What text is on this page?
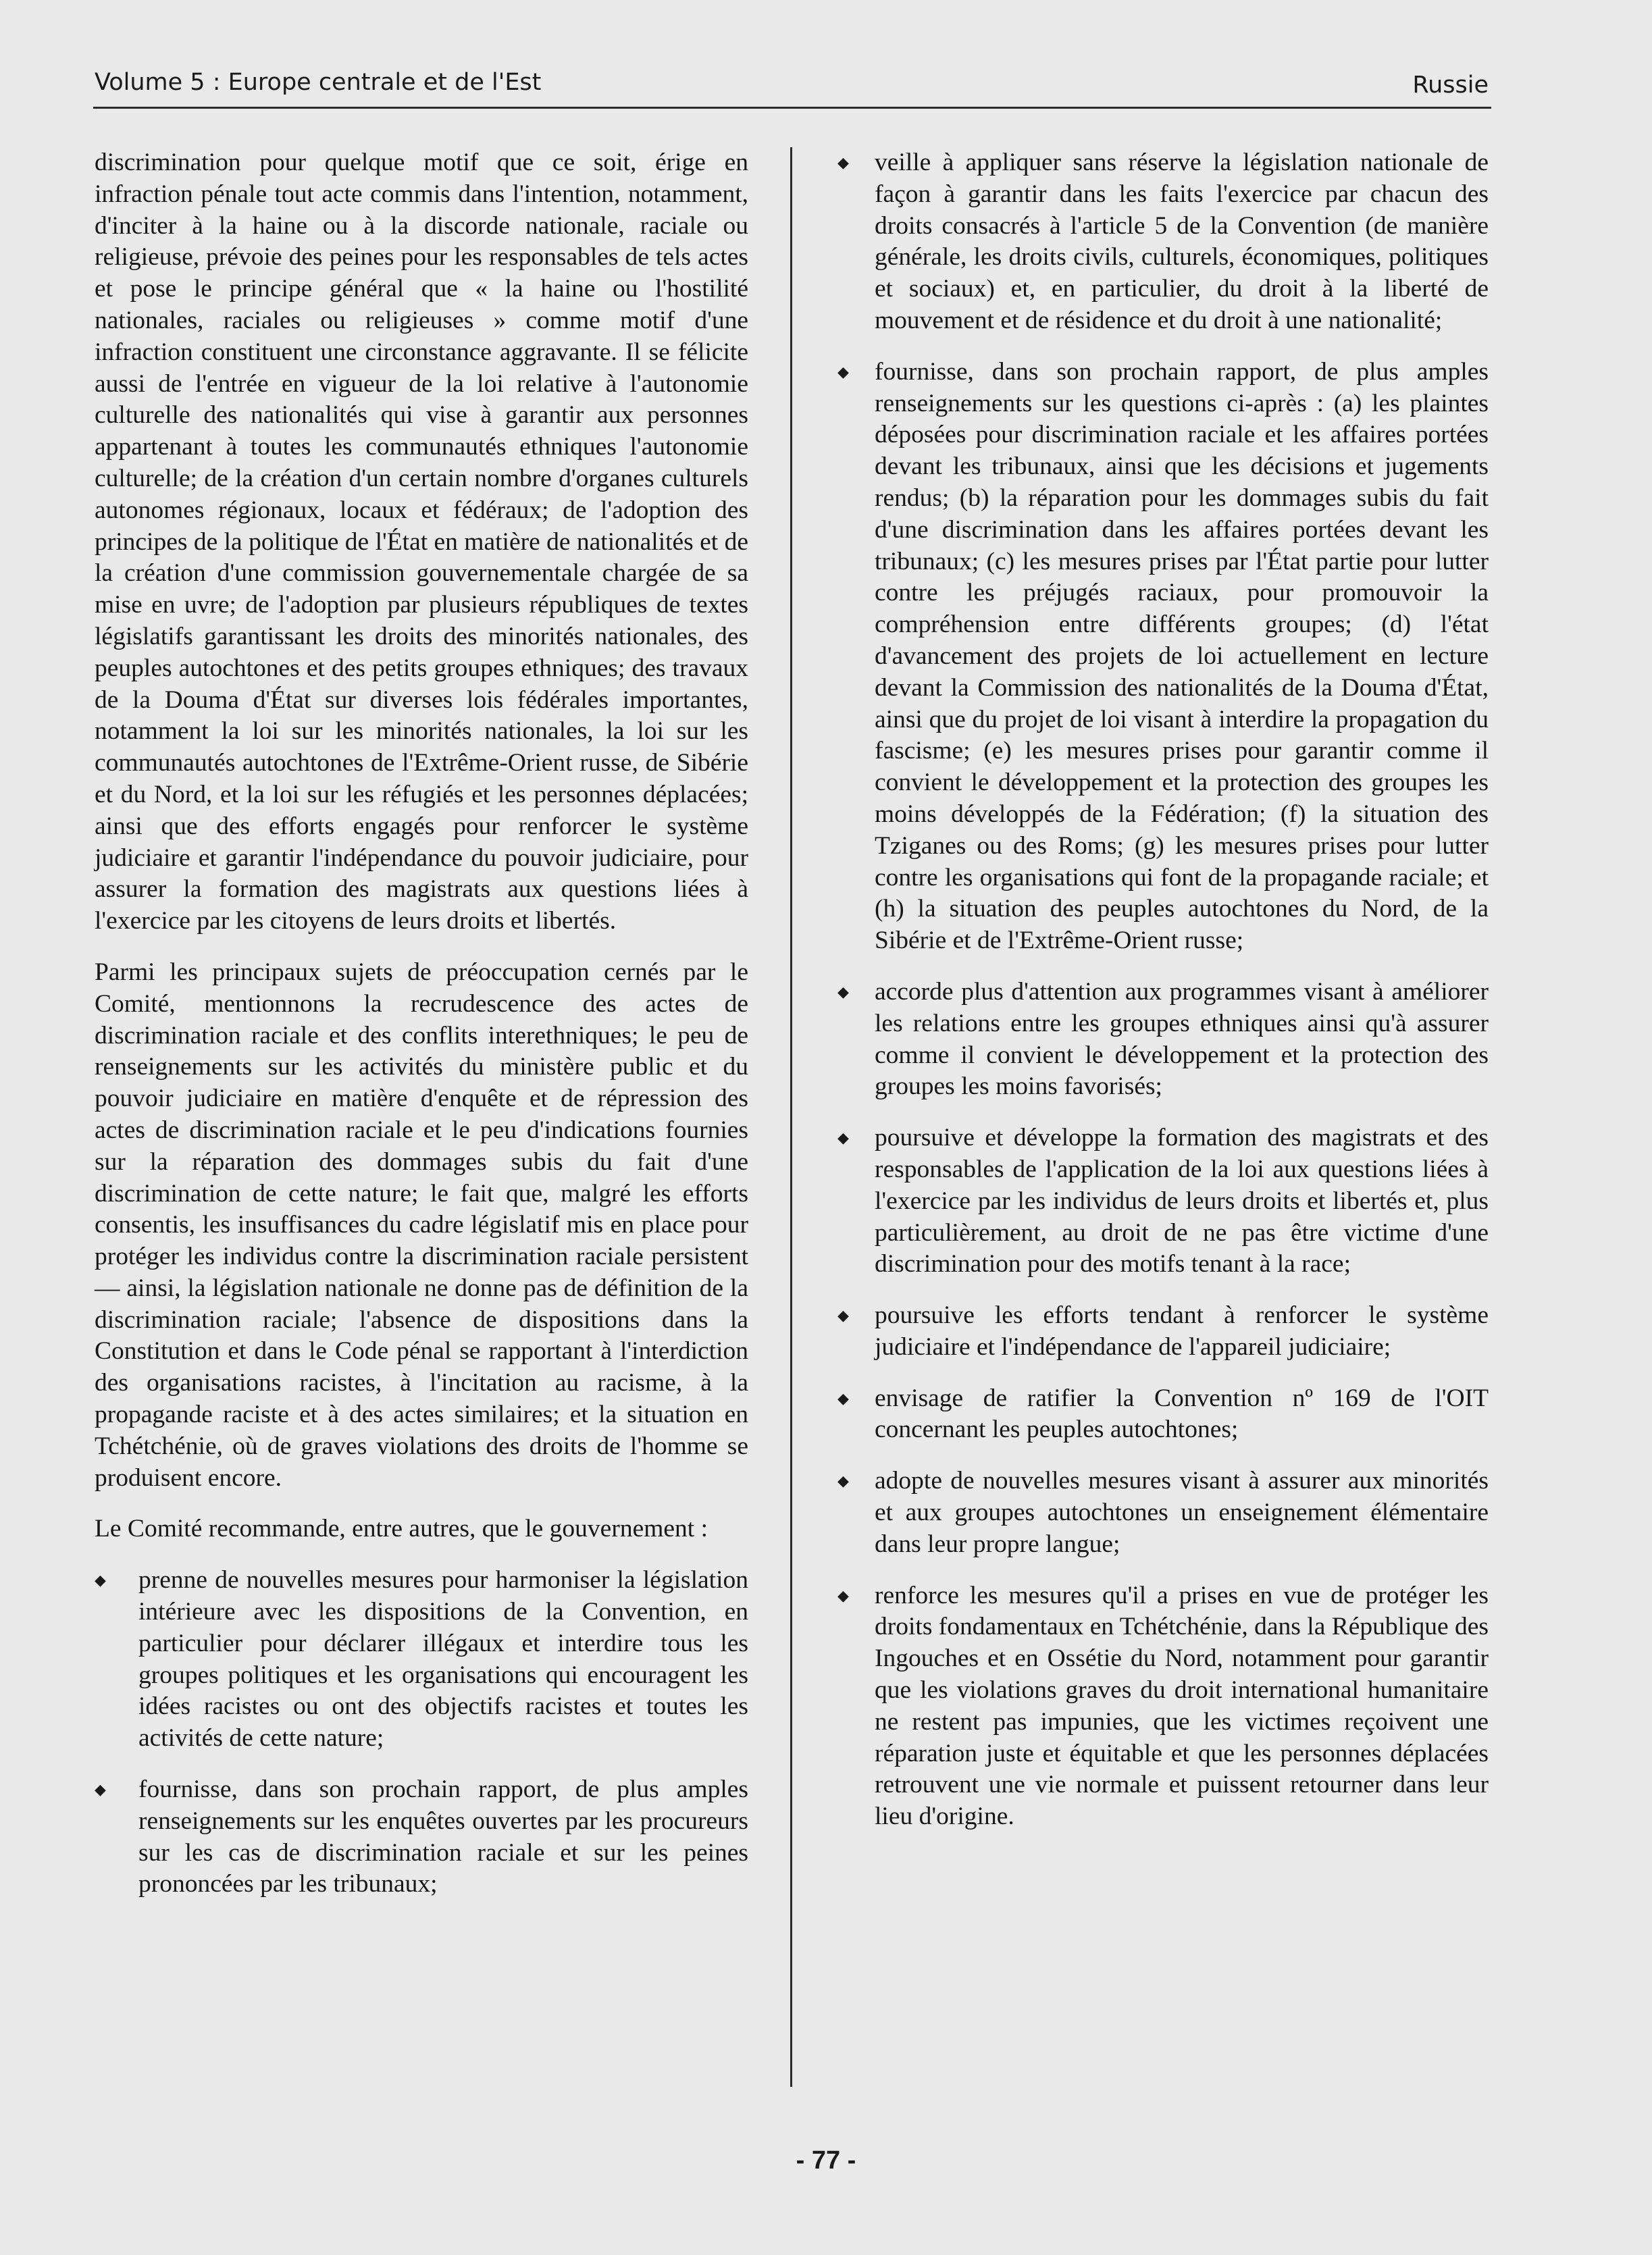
Volume 5 : Europe centrale et de l'Est	Russie

discrimination pour quelque motif que ce soit, érige en infraction pénale tout acte commis dans l'intention, notamment, d'inciter à la haine ou à la discorde nationale, raciale ou religieuse, prévoie des peines pour les responsables de tels actes et pose le principe général que « la haine ou l'hostilité nationales, raciales ou religieuses » comme motif d'une infraction constituent une circonstance aggravante. Il se félicite aussi de l'entrée en vigueur de la loi relative à l'autonomie culturelle des nationalités qui vise à garantir aux personnes appartenant à toutes les communautés ethniques l'autonomie culturelle; de la création d'un certain nombre d'organes culturels autonomes régionaux, locaux et fédéraux; de l'adoption des principes de la politique de l'État en matière de nationalités et de la création d'une commission gouvernementale chargée de sa mise en uvre; de l'adoption par plusieurs républiques de textes législatifs garantissant les droits des minorités nationales, des peuples autochtones et des petits groupes ethniques; des travaux de la Douma d'État sur diverses lois fédérales importantes, notamment la loi sur les minorités nationales, la loi sur les communautés autochtones de l'Extrême-Orient russe, de Sibérie et du Nord, et la loi sur les réfugiés et les personnes déplacées; ainsi que des efforts engagés pour renforcer le système judiciaire et garantir l'indépendance du pouvoir judiciaire, pour assurer la formation des magistrats aux questions liées à l'exercice par les citoyens de leurs droits et libertés.

Parmi les principaux sujets de préoccupation cernés par le Comité, mentionnons la recrudescence des actes de discrimination raciale et des conflits interethniques; le peu de renseignements sur les activités du ministère public et du pouvoir judiciaire en matière d'enquête et de répression des actes de discrimination raciale et le peu d'indications fournies sur la réparation des dommages subis du fait d'une discrimination de cette nature; le fait que, malgré les efforts consentis, les insuffisances du cadre législatif mis en place pour protéger les individus contre la discrimination raciale persistent — ainsi, la législation nationale ne donne pas de définition de la discrimination raciale; l'absence de dispositions dans la Constitution et dans le Code pénal se rapportant à l'interdiction des organisations racistes, à l'incitation au racisme, à la propagande raciste et à des actes similaires; et la situation en Tchétchénie, où de graves violations des droits de l'homme se produisent encore.

Le Comité recommande, entre autres, que le gouvernement :

◆ prenne de nouvelles mesures pour harmoniser la législation intérieure avec les dispositions de la Convention, en particulier pour déclarer illégaux et interdire tous les groupes politiques et les organisations qui encouragent les idées racistes ou ont des objectifs racistes et toutes les activités de cette nature;
◆ fournisse, dans son prochain rapport, de plus amples renseignements sur les enquêtes ouvertes par les procureurs sur les cas de discrimination raciale et sur les peines prononcées par les tribunaux;
◆ veille à appliquer sans réserve la législation nationale de façon à garantir dans les faits l'exercice par chacun des droits consacrés à l'article 5 de la Convention (de manière générale, les droits civils, culturels, économiques, politiques et sociaux) et, en particulier, du droit à la liberté de mouvement et de résidence et du droit à une nationalité;
◆ fournisse, dans son prochain rapport, de plus amples renseignements sur les questions ci-après : (a) les plaintes déposées pour discrimination raciale et les affaires portées devant les tribunaux, ainsi que les décisions et jugements rendus; (b) la réparation pour les dommages subis du fait d'une discrimination dans les affaires portées devant les tribunaux; (c) les mesures prises par l'État partie pour lutter contre les préjugés raciaux, pour promouvoir la compréhension entre différents groupes; (d) l'état d'avancement des projets de loi actuellement en lecture devant la Commission des nationalités de la Douma d'État, ainsi que du projet de loi visant à interdire la propagation du fascisme; (e) les mesures prises pour garantir comme il convient le développement et la protection des groupes les moins développés de la Fédération; (f) la situation des Tziganes ou des Roms; (g) les mesures prises pour lutter contre les organisations qui font de la propagande raciale; et (h) la situation des peuples autochtones du Nord, de la Sibérie et de l'Extrême-Orient russe;
◆ accorde plus d'attention aux programmes visant à améliorer les relations entre les groupes ethniques ainsi qu'à assurer comme il convient le développement et la protection des groupes les moins favorisés;
◆ poursuive et développe la formation des magistrats et des responsables de l'application de la loi aux questions liées à l'exercice par les individus de leurs droits et libertés et, plus particulièrement, au droit de ne pas être victime d'une discrimination pour des motifs tenant à la race;
◆ poursuive les efforts tendant à renforcer le système judiciaire et l'indépendance de l'appareil judiciaire;
◆ envisage de ratifier la Convention nº 169 de l'OIT concernant les peuples autochtones;
◆ adopte de nouvelles mesures visant à assurer aux minorités et aux groupes autochtones un enseignement élémentaire dans leur propre langue;
◆ renforce les mesures qu'il a prises en vue de protéger les droits fondamentaux en Tchétchénie, dans la République des Ingouches et en Ossétie du Nord, notamment pour garantir que les violations graves du droit international humanitaire ne restent pas impunies, que les victimes reçoivent une réparation juste et équitable et que les personnes déplacées retrouvent une vie normale et puissent retourner dans leur lieu d'origine.
- 77 -
